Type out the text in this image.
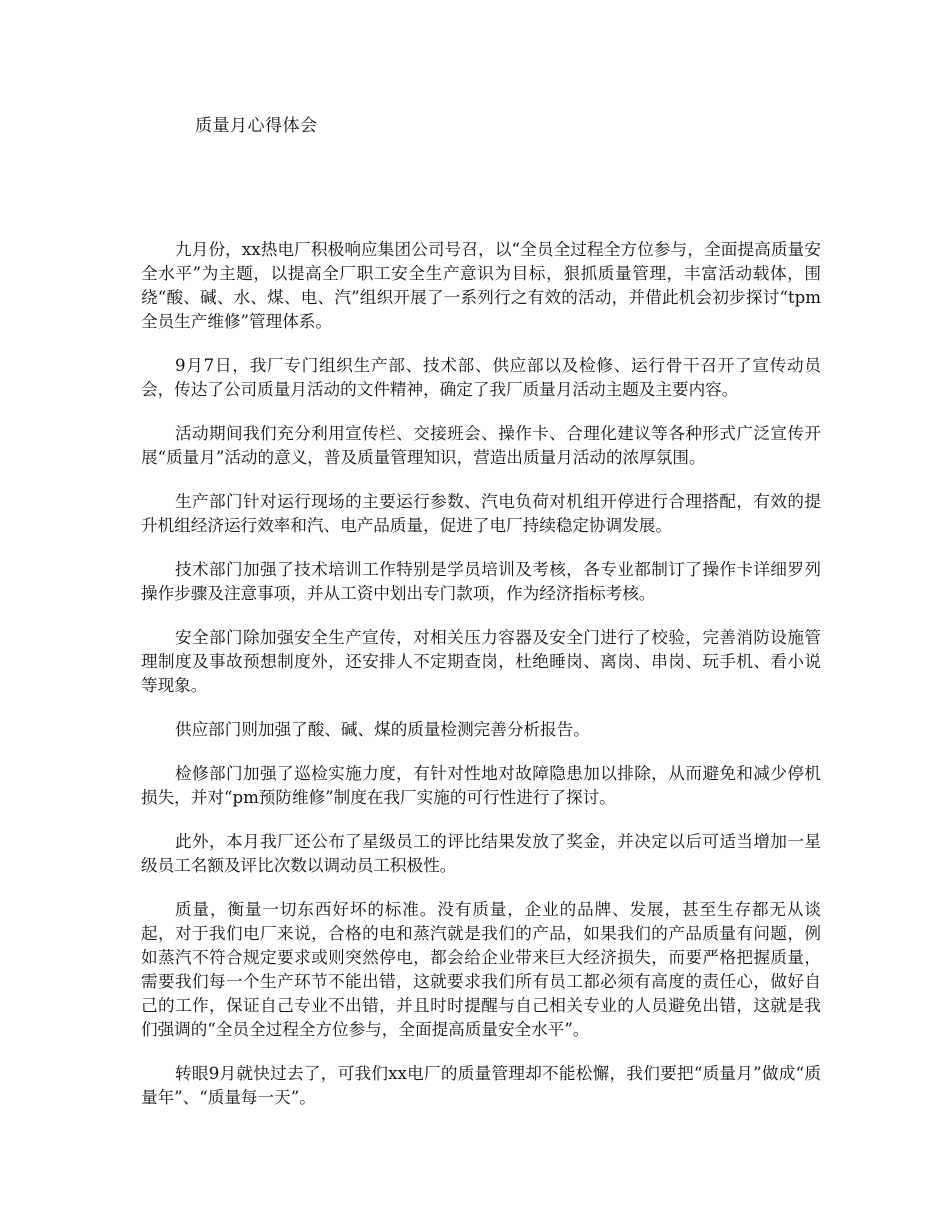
质量月心得体会

九月份，xx热电厂积极响应集团公司号召，以“全员全过程全方位参与，全面提高质量安全水平”为主题，以提高全厂职工安全生产意识为目标，狠抓质量管理，丰富活动载体，围绕“酸、碱、水、煤、电、汽”组织开展了一系列行之有效的活动，并借此机会初步探讨“tpm全员生产维修”管理体系。

9月7日，我厂专门组织生产部、技术部、供应部以及检修、运行骨干召开了宣传动员会，传达了公司质量月活动的文件精神，确定了我厂质量月活动主题及主要内容。

活动期间我们充分利用宣传栏、交接班会、操作卡、合理化建议等各种形式广泛宣传开展“质量月”活动的意义，普及质量管理知识，营造出质量月活动的浓厚氛围。

生产部门针对运行现场的主要运行参数、汽电负荷对机组开停进行合理搭配，有效的提升机组经济运行效率和汽、电产品质量，促进了电厂持续稳定协调发展。

技术部门加强了技术培训工作特别是学员培训及考核，各专业都制订了操作卡详细罗列操作步骤及注意事项，并从工资中划出专门款项，作为经济指标考核。

安全部门除加强安全生产宣传，对相关压力容器及安全门进行了校验，完善消防设施管理制度及事故预想制度外，还安排人不定期查岗，杜绝睡岗、离岗、串岗、玩手机、看小说等现象。

供应部门则加强了酸、碱、煤的质量检测完善分析报告。

检修部门加强了巡检实施力度，有针对性地对故障隐患加以排除，从而避免和减少停机损失，并对“pm预防维修”制度在我厂实施的可行性进行了探讨。

此外，本月我厂还公布了星级员工的评比结果发放了奖金，并决定以后可适当增加一星级员工名额及评比次数以调动员工积极性。

质量，衡量一切东西好坏的标准。没有质量，企业的品牌、发展，甚至生存都无从谈起，对于我们电厂来说，合格的电和蒸汽就是我们的产品，如果我们的产品质量有问题，例如蒸汽不符合规定要求或则突然停电，都会给企业带来巨大经济损失，而要严格把握质量，需要我们每一个生产环节不能出错，这就要求我们所有员工都必须有高度的责任心，做好自己的工作，保证自己专业不出错，并且时时提醒与自己相关专业的人员避免出错，这就是我们强调的“全员全过程全方位参与，全面提高质量安全水平”。

转眼9月就快过去了，可我们xx电厂的质量管理却不能松懈，我们要把“质量月”做成“质量年”、“质量每一天”。
